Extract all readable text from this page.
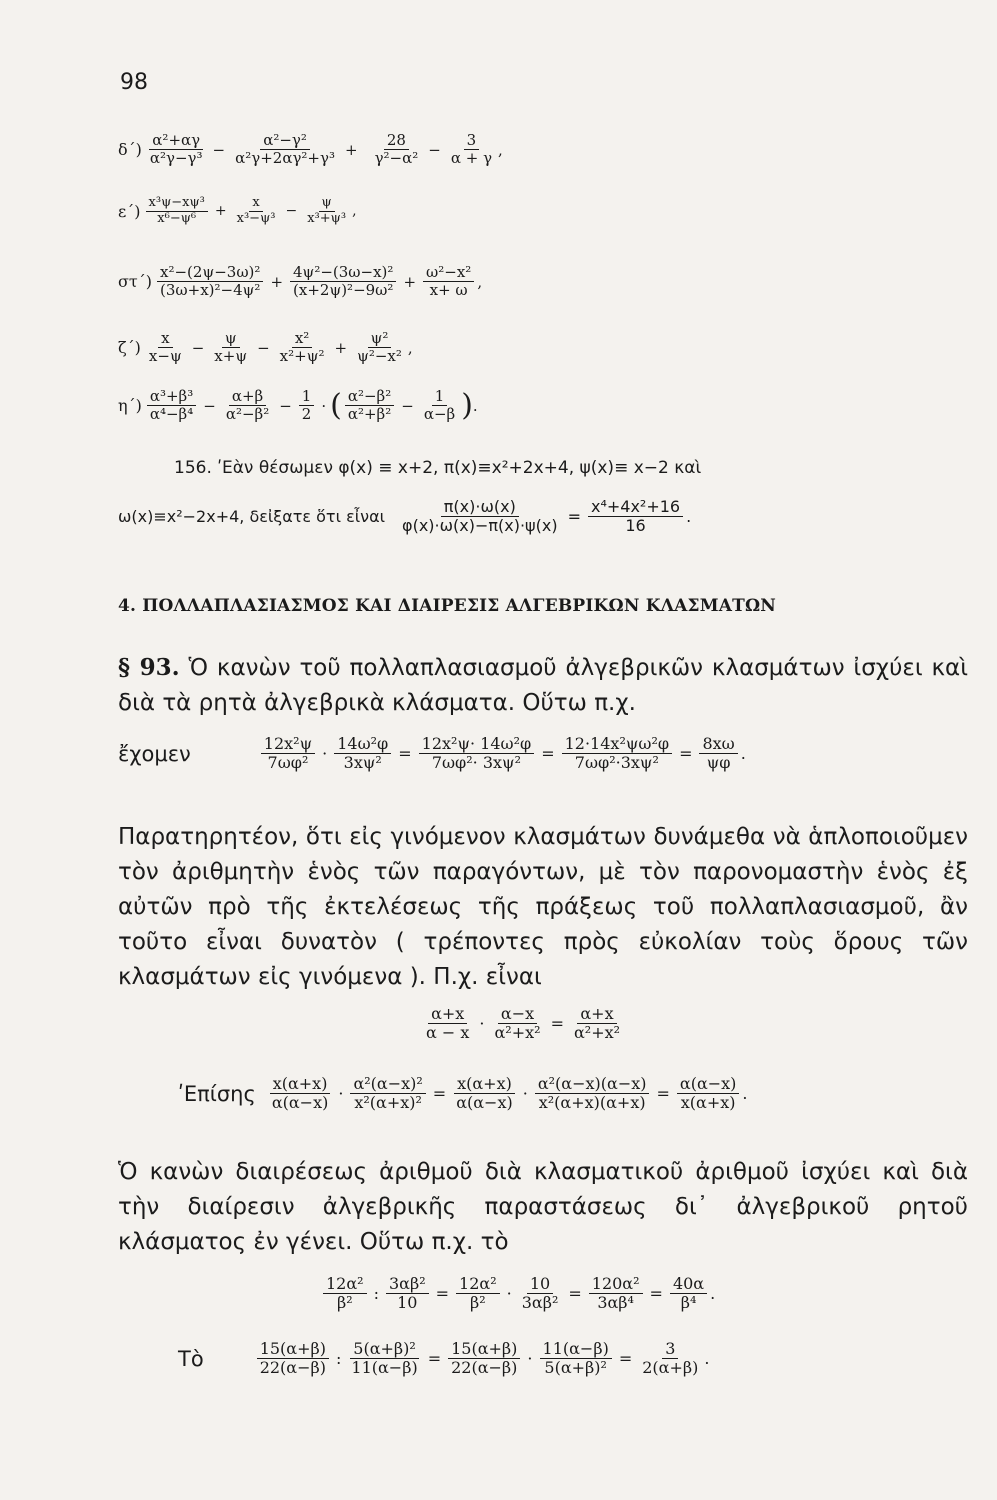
98
$\delta΄) \frac{\text{α²+αγ}}{\text{α²γ−γ³}} - \frac{\text{α²−γ²}}{\text{α²γ+2αγ²+γ³}} + \frac{28}{\text{γ²−α²}} - \frac{3}{\alpha + \gamma}$ ,
$\varepsilon΄) \frac{\text{x³ψ−xψ³}}{\text{x⁶−ψ⁶}} + \frac{x}{\text{x³−ψ³}} - \frac{\psi}{\text{x³+ψ³}}$ ,
$\sigma\tau΄) \frac{\text{x²−(2ψ−3ω)²}}{\text{(3ω+x)²−4ψ²}} + \frac{\text{4ψ²−(3ω−x)²}}{\text{(x+2ψ)²−9ω²}} + \frac{\text{ω²−x²}}{x+ \omega}$ ,
$\zeta΄) \frac{x}{x-\psi} - \frac{\psi}{x+\psi} - \frac{\text{x²}}{\text{x²+ψ²}} + \frac{\text{ψ²}}{\text{ψ²−x²}}$ ,
$\eta΄) \frac{\text{α³+β³}}{\text{α⁴−β⁴}} - \frac{\alpha+\beta}{\text{α²−β²}} - \frac{1}{2}$ · ( $\frac{\text{α²−β²}}{\text{α²+β²}} - \frac{1}{\alpha-\beta}$ ) .
156. ʹΕὰν θέσωμεν φ(x) ≡ x+2, π(x)≡x²+2x+4, ψ(x)≡ x−2 καὶ
ω(x)≡x²−2x+4, δεἰξατε ὅτι εἶναι $\frac{\pi(x)\cdot\omega(x)}{\varphi(x)\cdot\omega(x)-\pi(x)\cdot\psi(x)} = \frac{\text{x⁴+4x²+16}}{16}$ .
4. ΠΟΛΛΑΠΛΑΣΙΑΣΜΟΣ ΚΑΙ ΔΙΑΙΡΕΣΙΣ ΑΛΓΕΒΡΙΚΩΝ ΚΛΑΣΜΑΤΩΝ
§ 93. Ὁ κανὼν τοῦ πολλαπλασιασμοῦ ἀλγεβρικῶν κλασμάτων ἰσχύει καὶ διὰ τὰ ρητὰ ἀλγεβρικὰ κλάσματα. Οὕτω π.χ.
ἔχομεν	$\frac{\text{12x²ψ}}{\text{7ωφ²}} \cdot \frac{\text{14ω²φ}}{\text{3xψ²}} = \frac{\text{12x²ψ· 14ω²φ}}{\text{7ωφ²· 3xψ²}} = \frac{\text{12·14x²ψω²φ}}{\text{7ωφ²·3xψ²}} = \frac{8x\omega}{\psi\varphi}$ .
Παρατηρητέον, ὅτι εἰς γινόμενον κλασμάτων δυνάμεθα νὰ ἁπλοποιοῦμεν τὸν ἀριθμητὴν ἑνὸς τῶν παραγόντων, μὲ τὸν παρονομαστὴν ἑνὸς ἐξ αὐτῶν πρὸ τῆς ἐκτελέσεως τῆς πράξεως τοῦ πολλαπλασιασμοῦ, ἂν τοῦτο εἶναι δυνατὸν ( τρέποντες πρὸς εὐκολίαν τοὺς ὅρους τῶν κλασμάτων εἰς γινόμενα ). Π.χ. εἶναι
$\frac{\alpha+x}{\alpha - x} \cdot \frac{\alpha-x}{\text{α²+x²}} = \frac{\alpha+x}{\text{α²+x²}}$
ʹΕπίσης $\frac{x(\alpha+x)}{\alpha(\alpha-x)} \cdot \frac{\text{α²(α−x)²}}{\text{x²(α+x)²}} = \frac{x(\alpha+x)}{\alpha(\alpha-x)} \cdot \frac{\text{α²(α−x)(α−x)}}{\text{x²(α+x)(α+x)}} = \frac{\alpha(\alpha-x)}{x(\alpha+x)}$ .
Ὁ κανὼν διαιρέσεως ἀριθμοῦ διὰ κλασματικοῦ ἀριθμοῦ ἰσχύει καὶ διὰ τὴν διαίρεσιν ἀλγεβρικῆς παραστάσεως δι᾿ ἀλγεβρικοῦ ρητοῦ κλάσματος ἐν γένει. Οὕτω π.χ. τὸ
$\frac{\text{12α²}}{\text{β²}}$ : $\frac{\text{3αβ²}}{10} = \frac{\text{12α²}}{\text{β²}} \cdot \frac{10}{\text{3αβ²}} = \frac{\text{120α²}}{\text{3αβ⁴}} = \frac{40\alpha}{\text{β⁴}}$ .
Τὸ	$\frac{15(\alpha+\beta)}{22(\alpha-\beta)}$ : $\frac{\text{5(α+β)²}}{11(\alpha-\beta)} = \frac{15(\alpha+\beta)}{22(\alpha-\beta)} \cdot \frac{11(\alpha-\beta)}{\text{5(α+β)²}} = \frac{3}{2(\alpha+\beta)}$ .
